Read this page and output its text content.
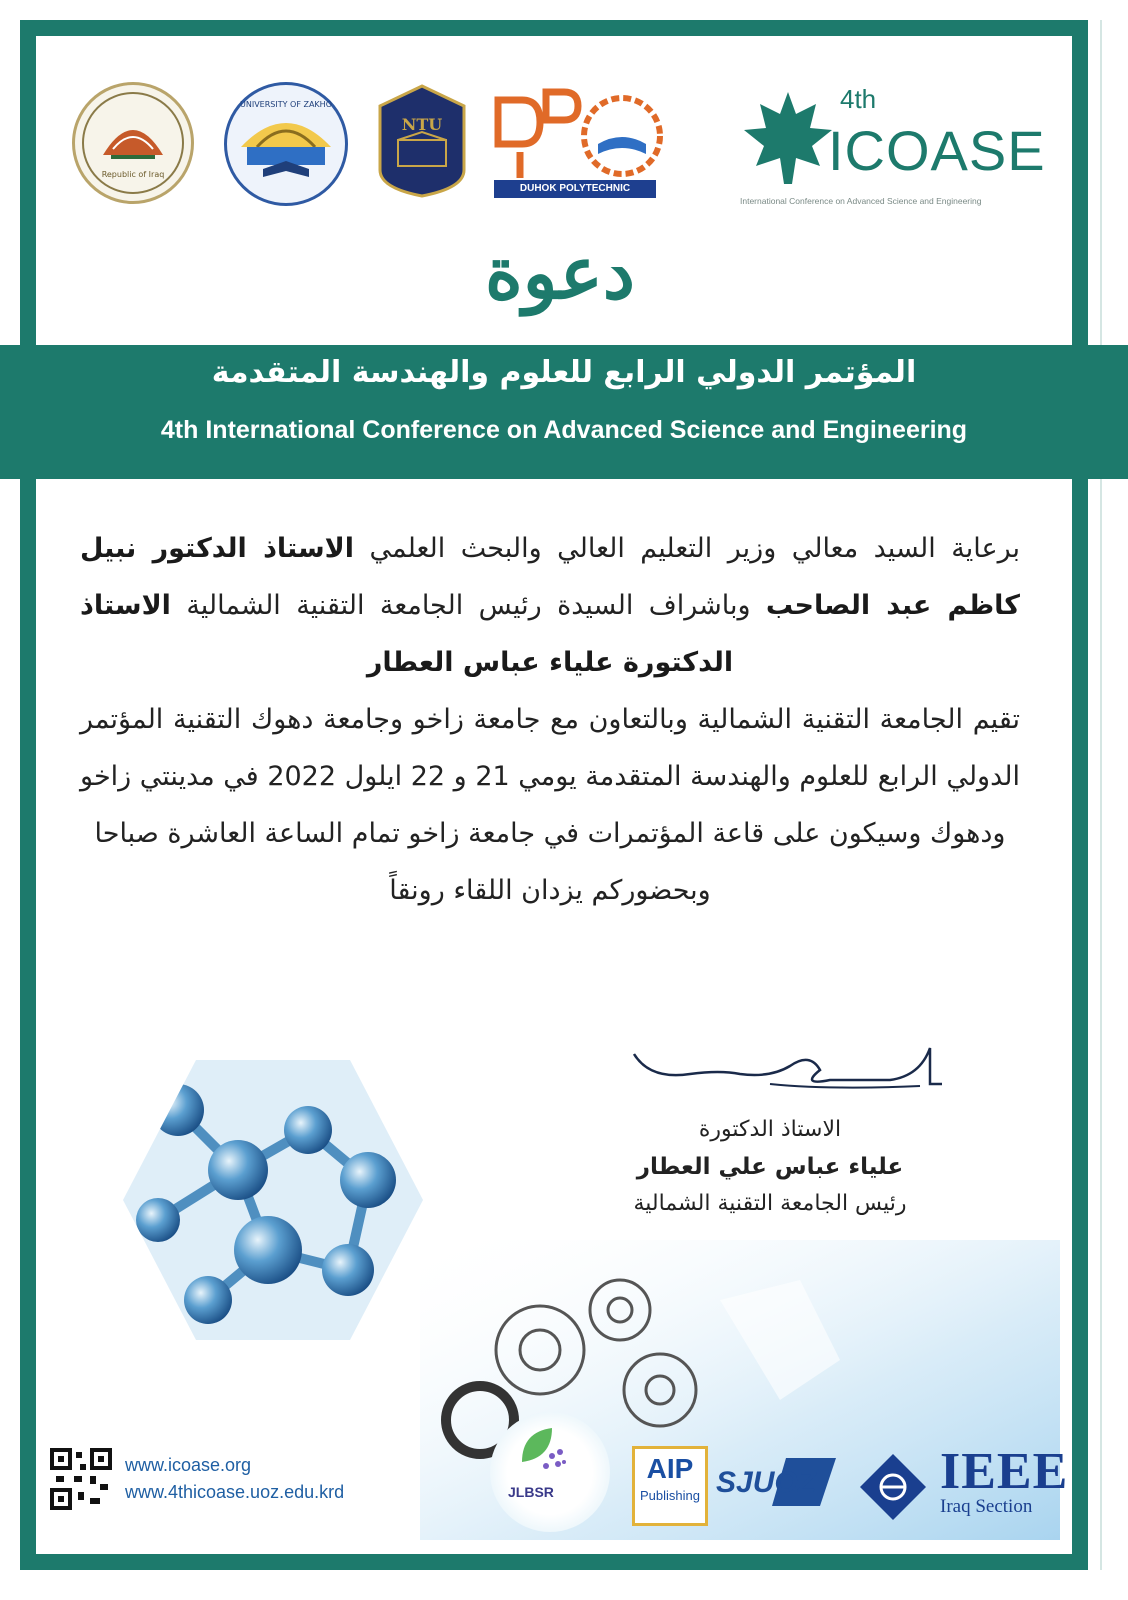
Republic of Iraq
UNIVERSITY OF ZAKHO
NTU
DUHOK POLYTECHNIC UNIVERSITY
4th
ICOASE
International Conference on Advanced Science and Engineering
دعوة
المؤتمر الدولي الرابع للعلوم والهندسة المتقدمة
4th International Conference on Advanced Science and Engineering

برعاية السيد معالي وزير التعليم العالي والبحث العلمي الاستاذ الدكتور نبيل كاظم عبد الصاحب وباشراف السيدة رئيس الجامعة التقنية الشمالية الاستاذ الدكتورة علياء عباس العطار

تقيم الجامعة التقنية الشمالية وبالتعاون مع جامعة زاخو وجامعة دهوك التقنية المؤتمر الدولي الرابع للعلوم والهندسة المتقدمة يومي 21 و 22 ايلول 2022 في مدينتي زاخو ودهوك وسيكون على قاعة المؤتمرات في جامعة زاخو تمام الساعة العاشرة صباحا

وبحضوركم يزدان اللقاء رونقاً

الاستاذ الدكتورة
علياء عباس علي العطار
رئيس الجامعة التقنية الشمالية
www.icoase.org
www.4thicoase.uoz.edu.krd	JLBSR
AIP
Publishing SJUOZ IEEE
Iraq Section
